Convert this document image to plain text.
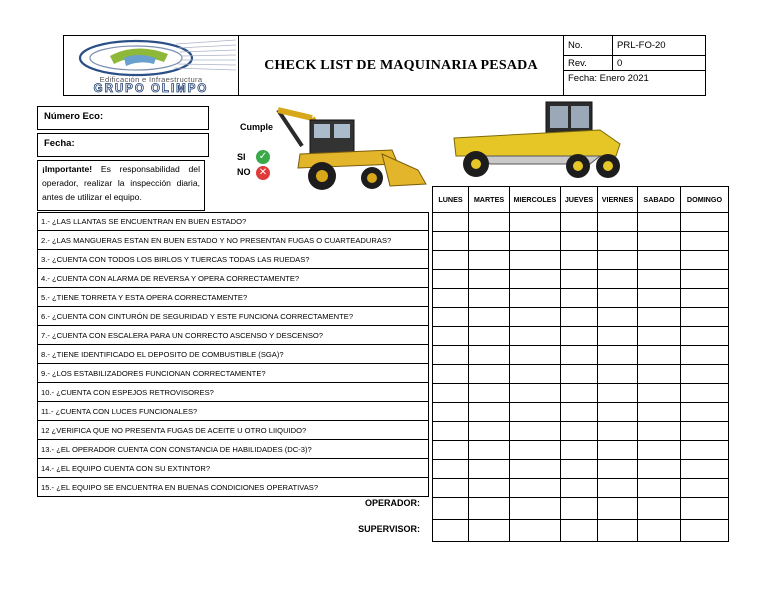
Edificación e Infraestructura
GRUPO OLIMPO
CHECK LIST DE MAQUINARIA PESADA
No.	PRL-FO-20
Rev.	0
Fecha: Enero 2021
Número Eco:
Fecha:
¡Importante! Es responsabilidad del operador, realizar la inspección diaria, antes de utilizar el equipo.
Cumple
SI ✓
NO ✕
1.- ¿LAS LLANTAS SE ENCUENTRAN EN BUEN ESTADO?
2.- ¿LAS MANGUERAS ESTAN EN BUEN ESTADO Y NO PRESENTAN FUGAS O CUARTEADURAS?
3.- ¿CUENTA CON TODOS LOS BIRLOS Y TUERCAS TODAS LAS RUEDAS?
4.- ¿CUENTA CON ALARMA DE REVERSA Y OPERA CORRECTAMENTE?
5.- ¿TIENE TORRETA Y ESTA OPERA CORRECTAMENTE?
6.- ¿CUENTA CON CINTURÓN DE SEGURIDAD Y ESTE FUNCIONA CORRECTAMENTE?
7.- ¿CUENTA CON ESCALERA PARA UN CORRECTO ASCENSO Y DESCENSO?
8.- ¿TIENE IDENTIFICADO EL DEPOSITO DE COMBUSTIBLE (SGA)?
9.- ¿LOS ESTABILIZADORES FUNCIONAN CORRECTAMENTE?
10.- ¿CUENTA CON ESPEJOS RETROVISORES?
11.- ¿CUENTA CON LUCES FUNCIONALES?
12 ¿VERIFICA QUE NO PRESENTA FUGAS DE ACEITE U OTRO LIIQUIDO?
13.- ¿EL OPERADOR CUENTA CON CONSTANCIA DE HABILIDADES (DC-3)?
14.- ¿EL EQUIPO CUENTA CON SU EXTINTOR?
15.- ¿EL EQUIPO SE ENCUENTRA EN BUENAS CONDICIONES OPERATIVAS?
OPERADOR:
SUPERVISOR:
LUNES	MARTES	MIERCOLES	JUEVES	VIERNES	SABADO	DOMINGO
